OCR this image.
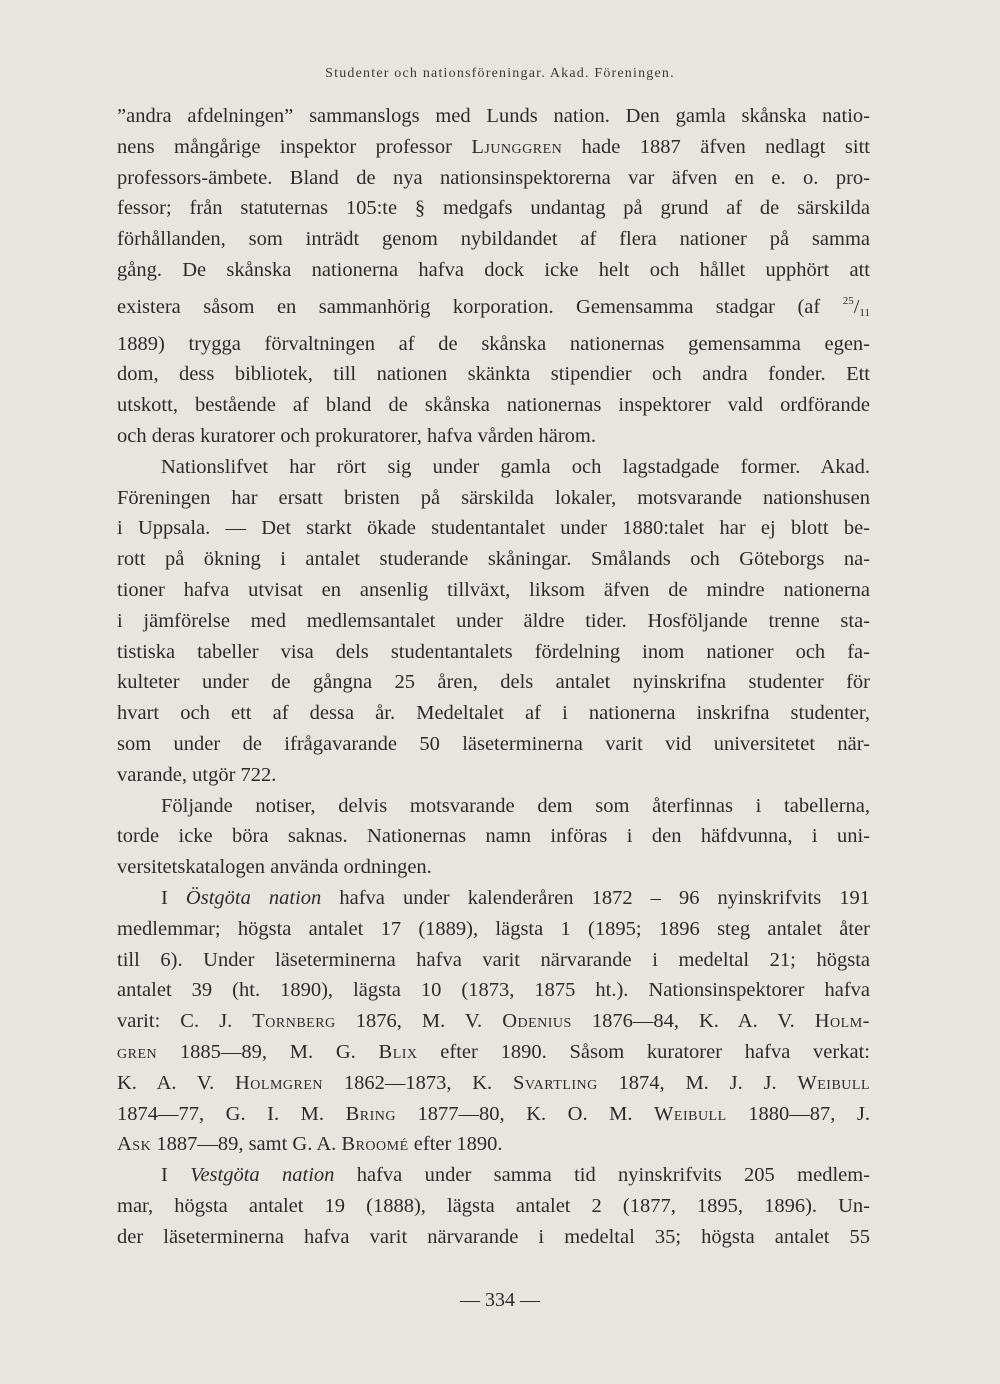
Studenter och nationsföreningar. Akad. Föreningen.
”andra afdelningen” sammanslogs med Lunds nation. Den gamla skånska natio-
nens mångårige inspektor professor Ljunggren hade 1887 äfven nedlagt sitt
professors-ämbete. Bland de nya nationsinspektorerna var äfven en e. o. pro-
fessor; från statuternas 105:te § medgafs undantag på grund af de särskilda
förhållanden, som inträdt genom nybildandet af flera nationer på samma
gång. De skånska nationerna hafva dock icke helt och hållet upphört att
existera såsom en sammanhörig korporation. Gemensamma stadgar (af $^{25}/_{11}$
1889) trygga förvaltningen af de skånska nationernas gemensamma egen-
dom, dess bibliotek, till nationen skänkta stipendier och andra fonder. Ett
utskott, bestående af bland de skånska nationernas inspektorer vald ordförande
och deras kuratorer och prokuratorer, hafva vården härom.
Nationslifvet har rört sig under gamla och lagstadgade former. Akad.
Föreningen har ersatt bristen på särskilda lokaler, motsvarande nationshusen
i Uppsala. — Det starkt ökade studentantalet under 1880:talet har ej blott be-
rott på ökning i antalet studerande skåningar. Smålands och Göteborgs na-
tioner hafva utvisat en ansenlig tillväxt, liksom äfven de mindre nationerna
i jämförelse med medlemsantalet under äldre tider. Hosföljande trenne sta-
tistiska tabeller visa dels studentantalets fördelning inom nationer och fa-
kulteter under de gångna 25 åren, dels antalet nyinskrifna studenter för
hvart och ett af dessa år. Medeltalet af i nationerna inskrifna studenter,
som under de ifrågavarande 50 läseterminerna varit vid universitetet när-
varande, utgör 722.
Följande notiser, delvis motsvarande dem som återfinnas i tabellerna,
torde icke böra saknas. Nationernas namn införas i den häfdvunna, i uni-
versitetskatalogen använda ordningen.
I Östgöta nation hafva under kalenderåren 1872 – 96 nyinskrifvits 191
medlemmar; högsta antalet 17 (1889), lägsta 1 (1895; 1896 steg antalet åter
till 6). Under läseterminerna hafva varit närvarande i medeltal 21; högsta
antalet 39 (ht. 1890), lägsta 10 (1873, 1875 ht.). Nationsinspektorer hafva
varit: C. J. Tornberg 1876, M. V. Odenius 1876—84, K. A. V. Holm-
gren 1885—89, M. G. Blix efter 1890. Såsom kuratorer hafva verkat:
K. A. V. Holmgren 1862—1873, K. Svartling 1874, M. J. J. Weibull
1874—77, G. I. M. Bring 1877—80, K. O. M. Weibull 1880—87, J.
Ask 1887—89, samt G. A. Broomé efter 1890.
I Vestgöta nation hafva under samma tid nyinskrifvits 205 medlem-
mar, högsta antalet 19 (1888), lägsta antalet 2 (1877, 1895, 1896). Un-
der läseterminerna hafva varit närvarande i medeltal 35; högsta antalet 55
— 334 —
